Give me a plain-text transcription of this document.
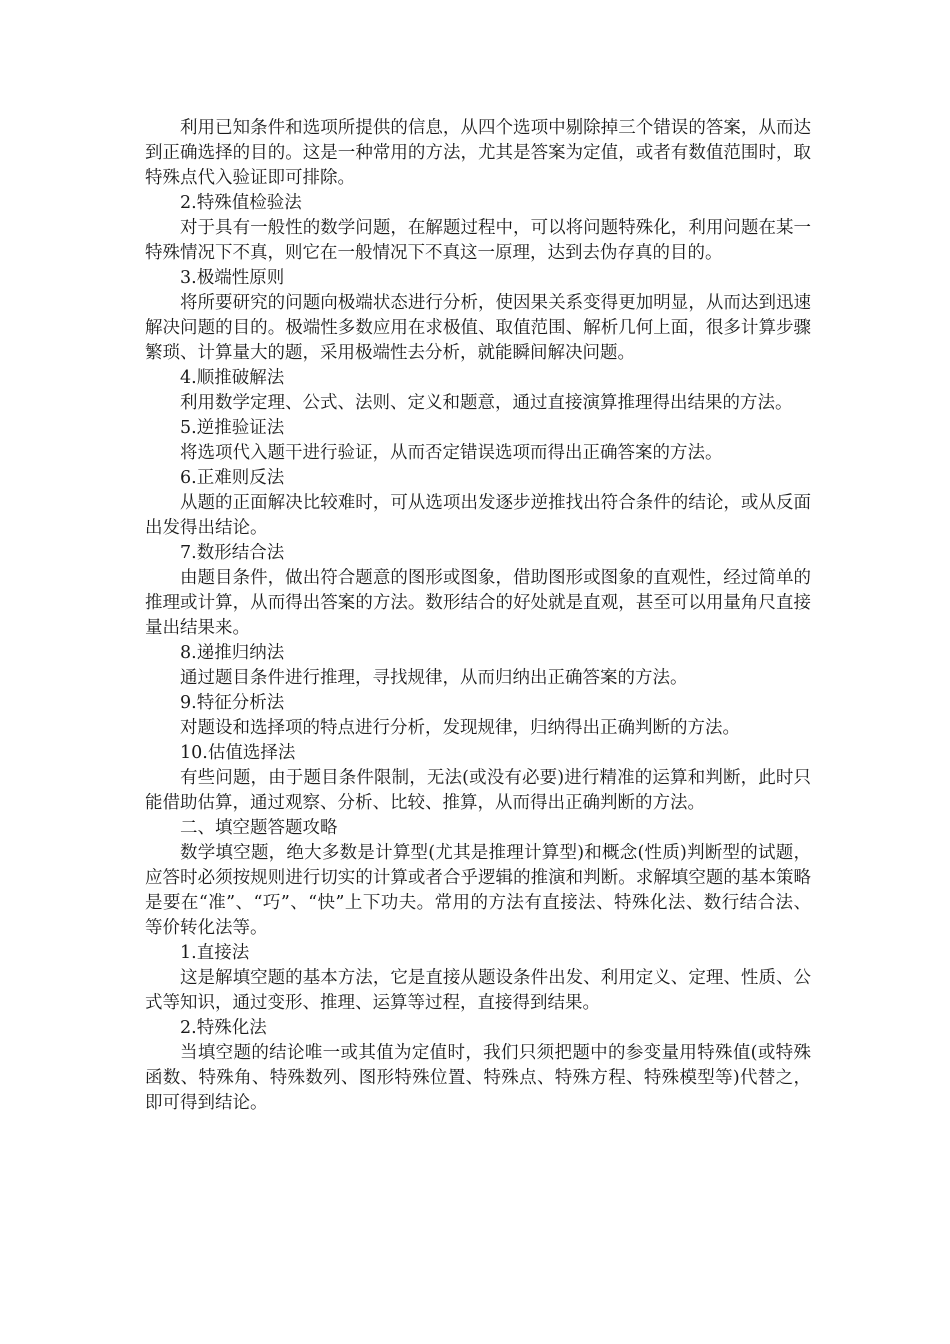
利用已知条件和选项所提供的信息，从四个选项中剔除掉三个错误的答案，从而达到正确选择的目的。这是一种常用的方法，尤其是答案为定值，或者有数值范围时，取特殊点代入验证即可排除。

2.特殊值检验法

对于具有一般性的数学问题，在解题过程中，可以将问题特殊化，利用问题在某一特殊情况下不真，则它在一般情况下不真这一原理，达到去伪存真的目的。

3.极端性原则

将所要研究的问题向极端状态进行分析，使因果关系变得更加明显，从而达到迅速解决问题的目的。极端性多数应用在求极值、取值范围、解析几何上面，很多计算步骤繁琐、计算量大的题，采用极端性去分析，就能瞬间解决问题。

4.顺推破解法

利用数学定理、公式、法则、定义和题意，通过直接演算推理得出结果的方法。

5.逆推验证法

将选项代入题干进行验证，从而否定错误选项而得出正确答案的方法。

6.正难则反法

从题的正面解决比较难时，可从选项出发逐步逆推找出符合条件的结论，或从反面出发得出结论。

7.数形结合法

由题目条件，做出符合题意的图形或图象，借助图形或图象的直观性，经过简单的推理或计算，从而得出答案的方法。数形结合的好处就是直观，甚至可以用量角尺直接量出结果来。

8.递推归纳法

通过题目条件进行推理，寻找规律，从而归纳出正确答案的方法。

9.特征分析法

对题设和选择项的特点进行分析，发现规律，归纳得出正确判断的方法。

10.估值选择法

有些问题，由于题目条件限制，无法(或没有必要)进行精准的运算和判断，此时只能借助估算，通过观察、分析、比较、推算，从而得出正确判断的方法。

二、填空题答题攻略

数学填空题，绝大多数是计算型(尤其是推理计算型)和概念(性质)判断型的试题，应答时必须按规则进行切实的计算或者合乎逻辑的推演和判断。求解填空题的基本策略是要在“准”、“巧”、“快”上下功夫。常用的方法有直接法、特殊化法、数行结合法、等价转化法等。

1.直接法

这是解填空题的基本方法，它是直接从题设条件出发、利用定义、定理、性质、公式等知识，通过变形、推理、运算等过程，直接得到结果。

2.特殊化法

当填空题的结论唯一或其值为定值时，我们只须把题中的参变量用特殊值(或特殊函数、特殊角、特殊数列、图形特殊位置、特殊点、特殊方程、特殊模型等)代替之，即可得到结论。
